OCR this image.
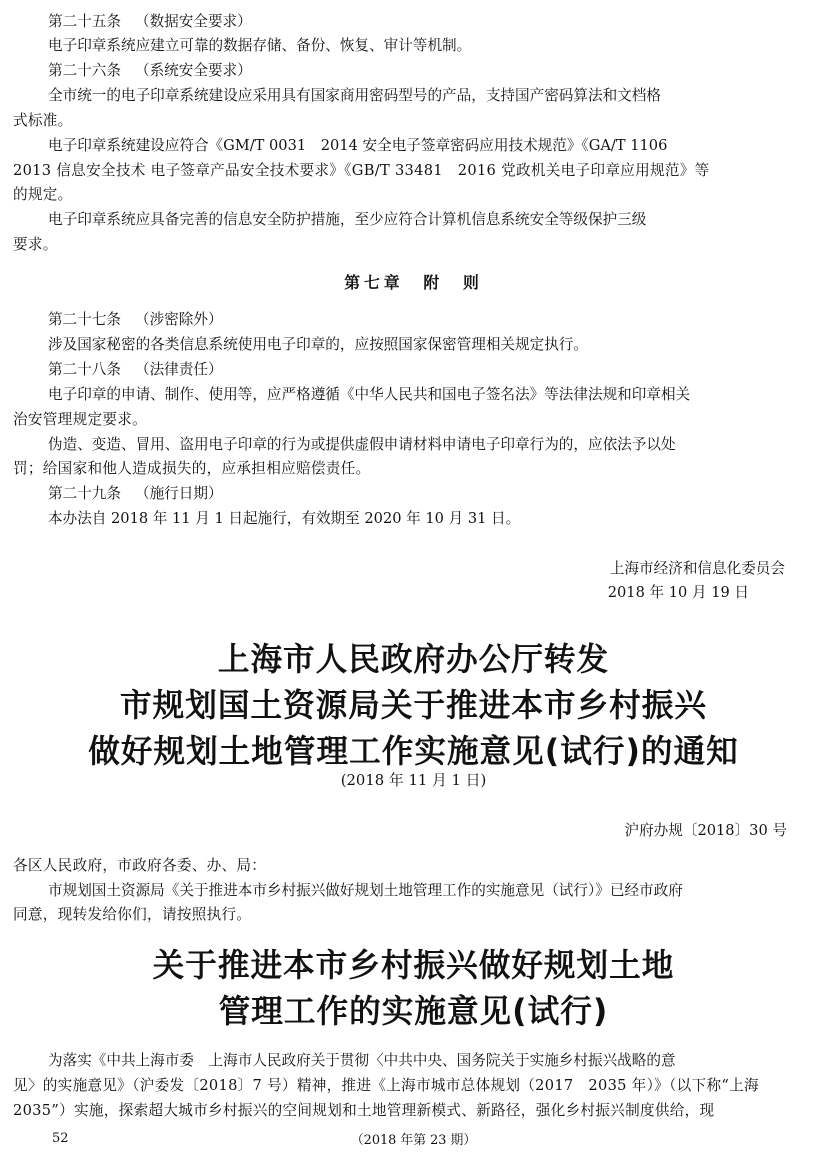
第二十五条 （数据安全要求）
电子印章系统应建立可靠的数据存储、备份、恢复、审计等机制。
第二十六条 （系统安全要求）
全市统一的电子印章系统建设应采用具有国家商用密码型号的产品，支持国产密码算法和文档格
式标准。
电子印章系统建设应符合《GM/T 0031　2014 安全电子签章密码应用技术规范》《GA/T 1106
2013 信息安全技术 电子签章产品安全技术要求》《GB/T 33481　2016 党政机关电子印章应用规范》等
的规定。
电子印章系统应具备完善的信息安全防护措施，至少应符合计算机信息系统安全等级保护三级
要求。
第七章　附　则
第二十七条 （涉密除外）
涉及国家秘密的各类信息系统使用电子印章的，应按照国家保密管理相关规定执行。
第二十八条 （法律责任）
电子印章的申请、制作、使用等，应严格遵循《中华人民共和国电子签名法》等法律法规和印章相关
治安管理规定要求。
伪造、变造、冒用、盗用电子印章的行为或提供虚假申请材料申请电子印章行为的，应依法予以处
罚；给国家和他人造成损失的，应承担相应赔偿责任。
第二十九条 （施行日期）
本办法自 2018 年 11 月 1 日起施行，有效期至 2020 年 10 月 31 日。
上海市经济和信息化委员会
2018 年 10 月 19 日
上海市人民政府办公厅转发
市规划国土资源局关于推进本市乡村振兴
做好规划土地管理工作实施意见(试行)的通知
(2018 年 11 月 1 日)
沪府办规〔2018〕30 号
各区人民政府，市政府各委、办、局：
市规划国土资源局《关于推进本市乡村振兴做好规划土地管理工作的实施意见（试行）》已经市政府
同意，现转发给你们，请按照执行。
关于推进本市乡村振兴做好规划土地
管理工作的实施意见(试行)
为落实《中共上海市委　上海市人民政府关于贯彻〈中共中央、国务院关于实施乡村振兴战略的意
见〉的实施意见》（沪委发〔2018〕7 号）精神，推进《上海市城市总体规划（2017　2035 年）》（以下称“上海
2035”）实施，探索超大城市乡村振兴的空间规划和土地管理新模式、新路径，强化乡村振兴制度供给，现
52	（2018 年第 23 期）
